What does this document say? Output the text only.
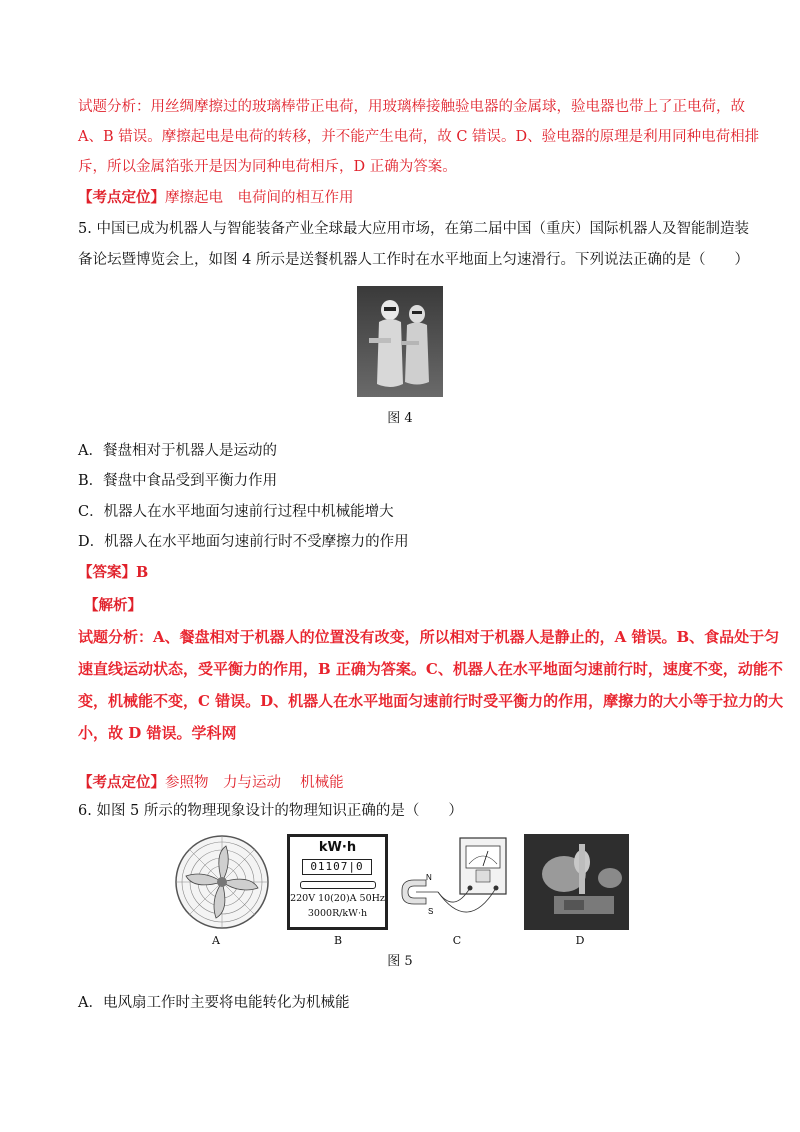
试题分析：用丝绸摩擦过的玻璃棒带正电荷，用玻璃棒接触验电器的金属球，验电器也带上了正电荷，故
A、B 错误。摩擦起电是电荷的转移，并不能产生电荷，故 C 错误。D、验电器的原理是利用同种电荷相排
斥，所以金属箔张开是因为同种电荷相斥，D 正确为答案。
【考点定位】摩擦起电　电荷间的相互作用
5. 中国已成为机器人与智能装备产业全球最大应用市场，在第二届中国（重庆）国际机器人及智能制造装
备论坛暨博览会上，如图 4 所示是送餐机器人工作时在水平地面上匀速滑行。下列说法正确的是（　　）
图 4
A．餐盘相对于机器人是运动的
B．餐盘中食品受到平衡力作用
C．机器人在水平地面匀速前行过程中机械能增大
D．机器人在水平地面匀速前行时不受摩擦力的作用
【答案】B
【解析】
试题分析：A、餐盘相对于机器人的位置没有改变，所以相对于机器人是静止的，A 错误。B、食品处于匀
速直线运动状态，受平衡力的作用，B 正确为答案。C、机器人在水平地面匀速前行时，速度不变，动能不
变，机械能不变，C 错误。D、机器人在水平地面匀速前行时受平衡力的作用，摩擦力的大小等于拉力的大
小，故 D 错误。学科网
【考点定位】参照物　力与运动　 机械能
6. 如图 5 所示的物理现象设计的物理知识正确的是（　　）
A
kW·h
01107|0
220V 10(20)A 50Hz
3000R/kW·h
B
N
S
C	D
图 5
A．电风扇工作时主要将电能转化为机械能
